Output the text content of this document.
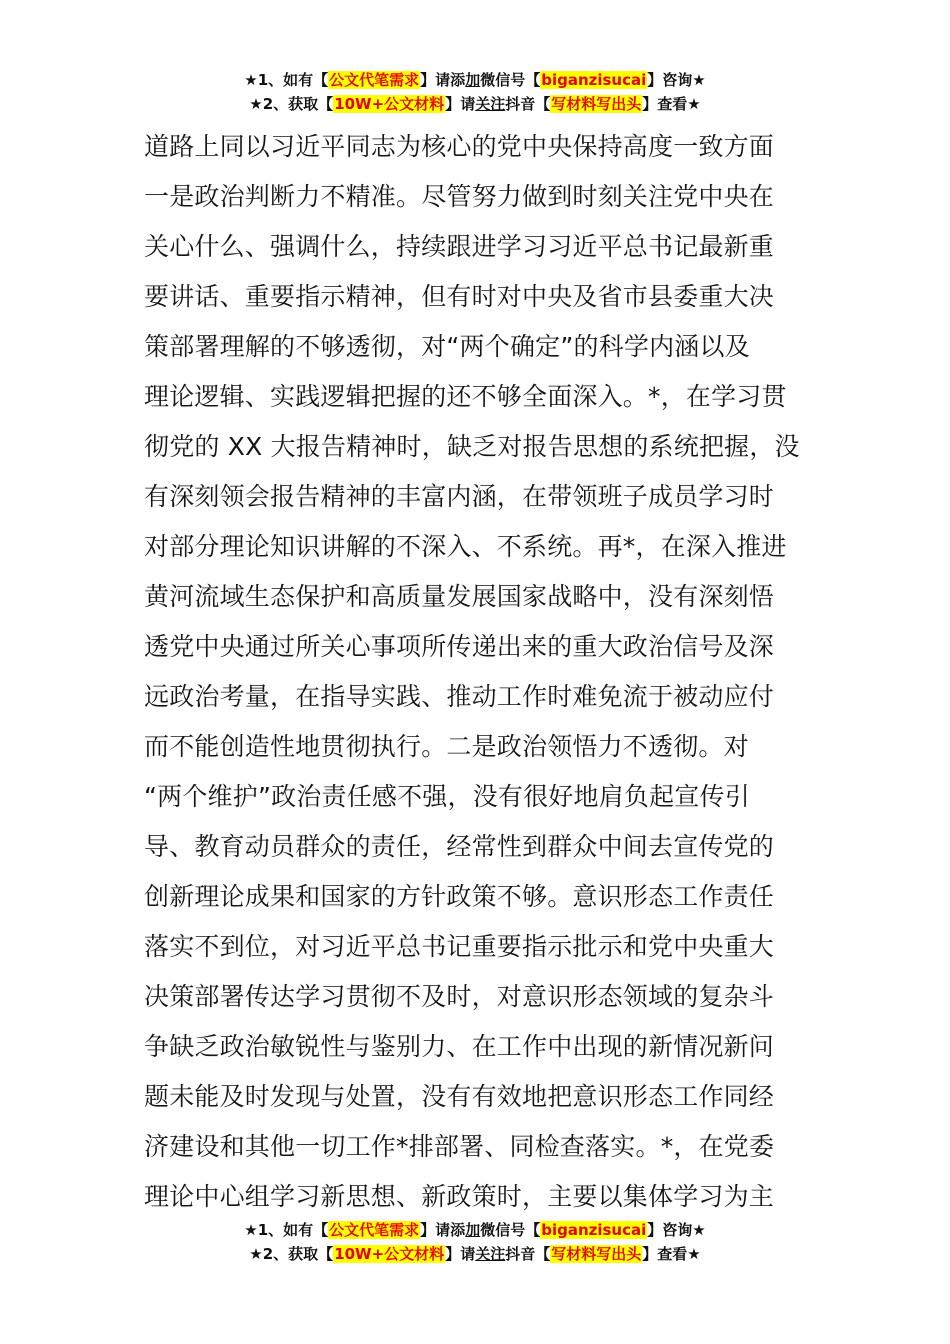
★1、如有【公文代笔需求】请添加微信号【biganzisucai】咨询★
★2、获取【10W+公文材料】请关注抖音【写材料写出头】查看★
道路上同以习近平同志为核心的党中央保持高度一致方面
一是政治判断力不精准。尽管努力做到时刻关注党中央在
关心什么、强调什么，持续跟进学习习近平总书记最新重
要讲话、重要指示精神，但有时对中央及省市县委重大决
策部署理解的不够透彻，对“两个确定”的科学内涵以及
理论逻辑、实践逻辑把握的还不够全面深入。*，在学习贯
彻党的 XX 大报告精神时，缺乏对报告思想的系统把握，没
有深刻领会报告精神的丰富内涵，在带领班子成员学习时
对部分理论知识讲解的不深入、不系统。再*，在深入推进
黄河流域生态保护和高质量发展国家战略中，没有深刻悟
透党中央通过所关心事项所传递出来的重大政治信号及深
远政治考量，在指导实践、推动工作时难免流于被动应付
而不能创造性地贯彻执行。二是政治领悟力不透彻。对
“两个维护”政治责任感不强，没有很好地肩负起宣传引
导、教育动员群众的责任，经常性到群众中间去宣传党的
创新理论成果和国家的方针政策不够。意识形态工作责任
落实不到位，对习近平总书记重要指示批示和党中央重大
决策部署传达学习贯彻不及时，对意识形态领域的复杂斗
争缺乏政治敏锐性与鉴别力、在工作中出现的新情况新问
题未能及时发现与处置，没有有效地把意识形态工作同经
济建设和其他一切工作*排部署、同检查落实。*，在党委
理论中心组学习新思想、新政策时，主要以集体学习为主
★1、如有【公文代笔需求】请添加微信号【biganzisucai】咨询★
★2、获取【10W+公文材料】请关注抖音【写材料写出头】查看★
